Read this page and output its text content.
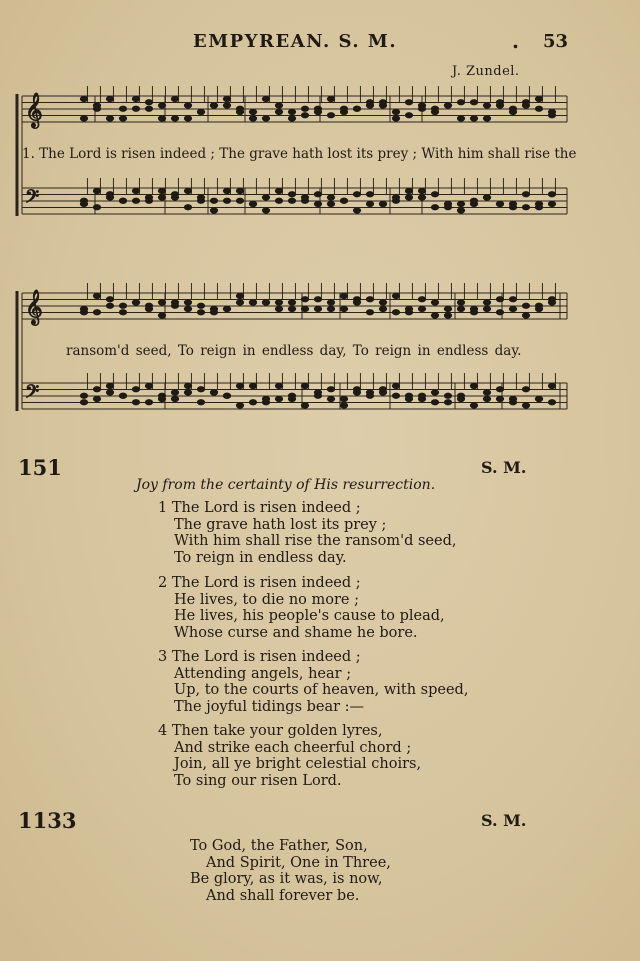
EMPYREAN. S. M.	. 53
J. Zundel.
𝄞
𝄢
𝄞
𝄢
1. The Lord is risen indeed ; The grave hath lost its prey ; With him shall rise the
ransom'd seed, To reign in endless day, To reign in endless day.
151	S. M.
Joy from the certainty of His resurrection.
1 The Lord is risen indeed ;
The grave hath lost its prey ;
With him shall rise the ransom'd seed,
To reign in endless day.
2 The Lord is risen indeed ;
He lives, to die no more ;
He lives, his people's cause to plead,
Whose curse and shame he bore.
3 The Lord is risen indeed ;
Attending angels, hear ;
Up, to the courts of heaven, with speed,
The joyful tidings bear :—
4 Then take your golden lyres,
And strike each cheerful chord ;
Join, all ye bright celestial choirs,
To sing our risen Lord.
1133	S. M.
To God, the Father, Son,
And Spirit, One in Three,
Be glory, as it was, is now,
And shall forever be.
